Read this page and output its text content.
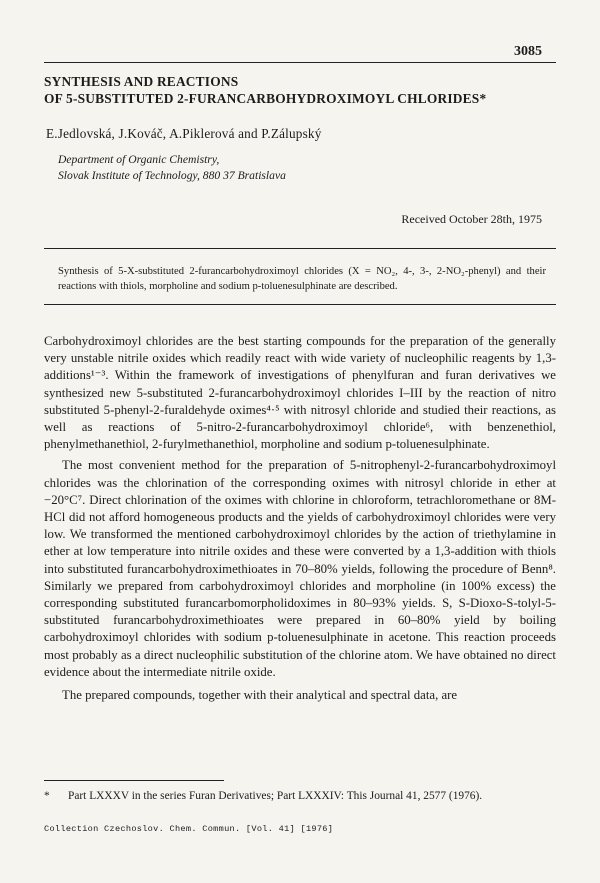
3085
SYNTHESIS AND REACTIONS
OF 5-SUBSTITUTED 2-FURANCARBOHYDROXIMOYL CHLORIDES*
E.Jedlovská, J.Kováč, A.Piklerová and P.Zálupský
Department of Organic Chemistry,
Slovak Institute of Technology, 880 37 Bratislava
Received October 28th, 1975
Synthesis of 5-X-substituted 2-furancarbohydroximoyl chlorides (X = NO₂, 4-, 3-, 2-NO₂-phenyl) and their reactions with thiols, morpholine and sodium p-toluenesulphinate are described.

Carbohydroximoyl chlorides are the best starting compounds for the preparation of the generally very unstable nitrile oxides which readily react with wide variety of nucleophilic reagents by 1,3-additions¹⁻³. Within the framework of investigations of phenylfuran and furan derivatives we synthesized new 5-substituted 2-furancarbohydroximoyl chlorides I–III by the reaction of nitro substituted 5-phenyl-2-furaldehyde oximes⁴·⁵ with nitrosyl chloride and studied their reactions, as well as reactions of 5-nitro-2-furancarbohydroximoyl chloride⁶, with benzenethiol, phenylmethanethiol, 2-furylmethanethiol, morpholine and sodium p-toluenesulphinate.

The most convenient method for the preparation of 5-nitrophenyl-2-furancarbohydroximoyl chlorides was the chlorination of the corresponding oximes with nitrosyl chloride in ether at −20°C⁷. Direct chlorination of the oximes with chlorine in chloroform, tetrachloromethane or 8M-HCl did not afford homogeneous products and the yields of carbohydroximoyl chlorides were very low. We transformed the mentioned carbohydroximoyl chlorides by the action of triethylamine in ether at low temperature into nitrile oxides and these were converted by a 1,3-addition with thiols into substituted furancarbohydroximethioates in 70–80% yields, following the procedure of Benn⁸. Similarly we prepared from carbohydroximoyl chlorides and morpholine (in 100% excess) the corresponding substituted furancarbomorpholidoximes in 80–93% yields. S, S-Dioxo-S-tolyl-5-substituted furancarbohydroximethioates were prepared in 60–80% yield by boiling carbohydroximoyl chlorides with sodium p-toluenesulphinate in acetone. This reaction proceeds most probably as a direct nucleophilic substitution of the chlorine atom. We have obtained no direct evidence about the intermediate nitrile oxide.

The prepared compounds, together with their analytical and spectral data, are

* Part LXXXV in the series Furan Derivatives; Part LXXXIV: This Journal 41, 2577 (1976).
Collection Czechoslov. Chem. Commun. [Vol. 41] [1976]
